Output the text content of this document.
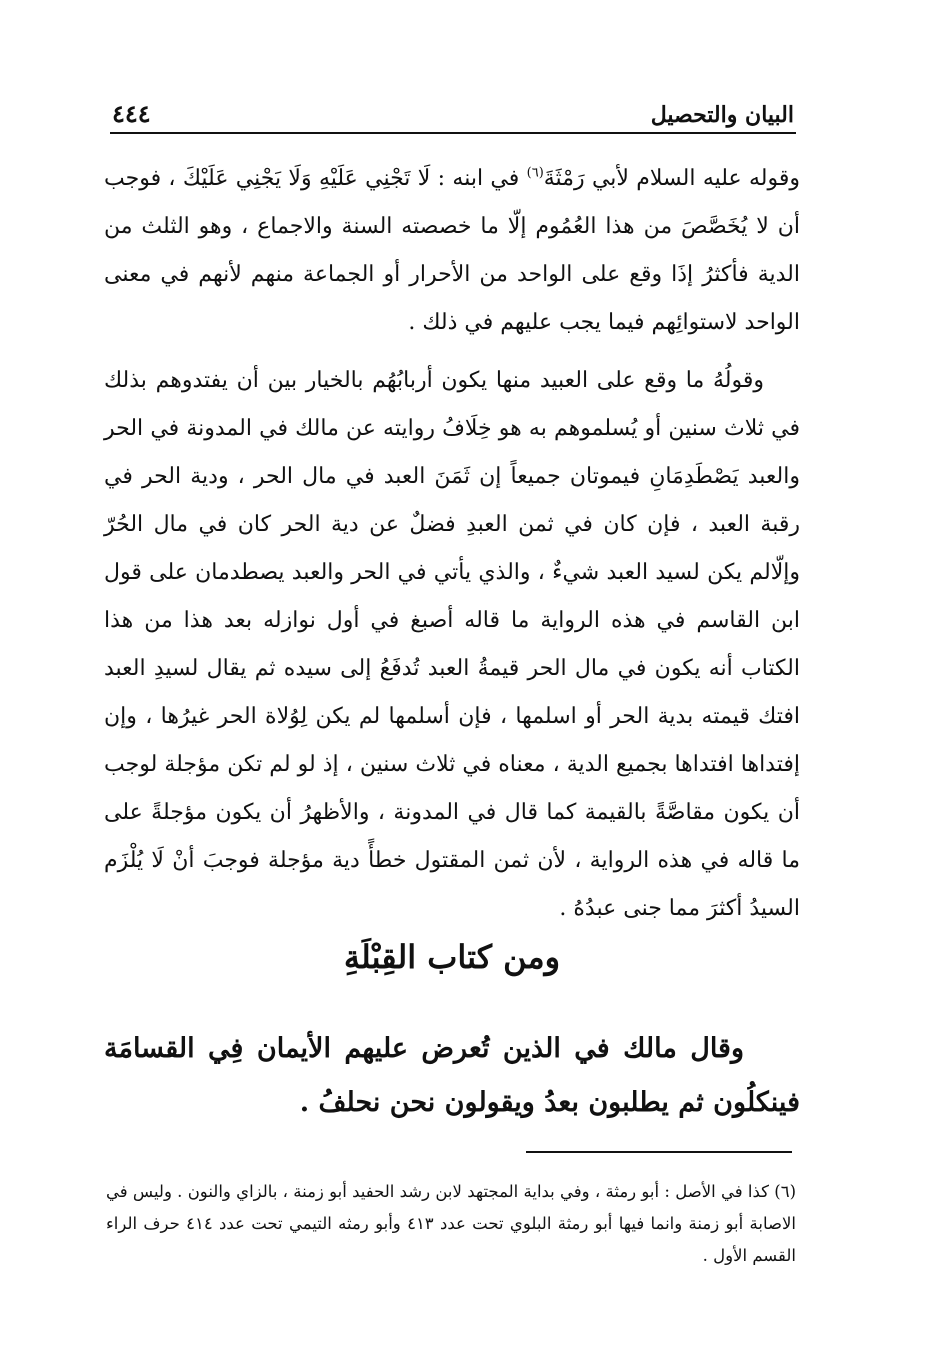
البيان والتحصيل
٤٤٤

وقوله عليه السلام لأبي رَمْثَةَ$^{(٦)}$ في ابنه : لَا تَجْنِي عَلَيْهِ وَلَا يَجْنِي عَلَيْكَ ، فوجب أن لا يُخَصَّصَ من هذا العُمُوم إلّا ما خصصته السنة والاجماع ، وهو الثلث من الدية فأكثرُ إذَا وقع على الواحد من الأحرار أو الجماعة منهم لأنهم في معنى الواحد لاستوائِهم فيما يجب عليهم في ذلك .

وقولُهُ ما وقع على العبيد منها يكون أربابُهُم بالخيار بين أن يفتدوهم بذلك في ثلاث سنين أو يُسلموهم به هو خِلَافُ روايته عن مالك في المدونة في الحر والعبد يَصْطَدِمَانِ فيموتان جميعاً إن ثَمَنَ العبد في مال الحر ، ودية الحر في رقبة العبد ، فإن كان في ثمن العبدِ فضلٌ عن دية الحر كان في مال الحُرّ وإلّالم يكن لسيد العبد شيءٌ ، والذي يأتي في الحر والعبد يصطدمان على قول ابن القاسم في هذه الرواية ما قاله أصبغ في أول نوازله بعد هذا من هذا الكتاب أنه يكون في مال الحر قيمةُ العبد تُدفَعُ إلى سيده ثم يقال لسيدِ العبد افتك قيمته بدية الحر أو اسلمها ، فإن أسلمها لم يكن لِوُلاة الحر غيرُها ، وإن إفتداها افتداها بجميع الدية ، معناه في ثلاث سنين ، إذ لو لم تكن مؤجلة لوجب أن يكون مقاصَّةً بالقيمة كما قال في المدونة ، والأظهرُ أن يكون مؤجلةً على ما قاله في هذه الرواية ، لأن ثمن المقتول خطأً دية مؤجلة فوجبَ أنْ لَا يُلْزَم السيدُ أكثرَ مما جنى عبدُهُ .

ومن كتاب القِبْلَةِ

وقال مالك في الذين تُعرض عليهم الأيمان فِي القسامَة فينكلُون ثم يطلبون بعدُ ويقولون نحن نحلفُ .

(٦) كذا في الأصل : أبو رمثة ، وفي بداية المجتهد لابن رشد الحفيد أبو زمنة ، بالزاي والنون . وليس في الاصابة أبو زمنة وانما فيها أبو رمثة البلوي تحت عدد ٤١٣ وأبو رمثه التيمي تحت عدد ٤١٤ حرف الراء القسم الأول .
